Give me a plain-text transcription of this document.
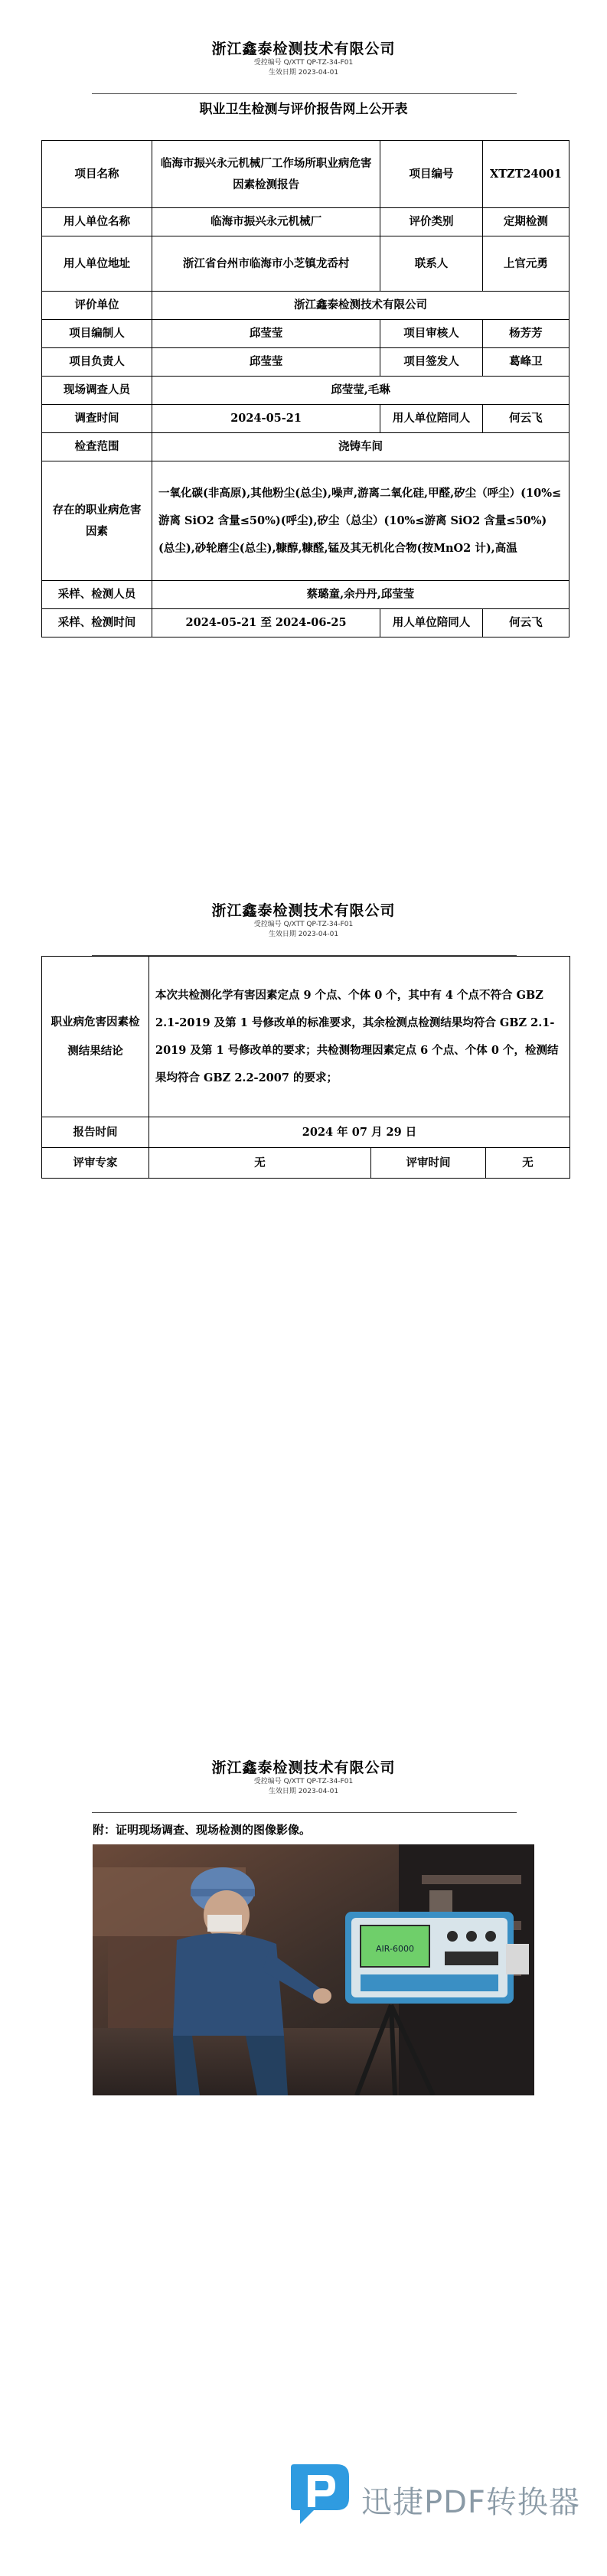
浙江鑫泰检测技术有限公司
受控编号 Q/XTT QP-TZ-34-F01
生效日期 2023-04-01
职业卫生检测与评价报告网上公开表
项目名称	临海市振兴永元机械厂工作场所职业病危害因素检测报告	项目编号	XTZT24001
用人单位名称	临海市振兴永元机械厂	评价类别	定期检测
用人单位地址	浙江省台州市临海市小芝镇龙岙村	联系人	上官元勇
评价单位	浙江鑫泰检测技术有限公司		
项目编制人	邱莹莹	项目审核人	杨芳芳
项目负责人	邱莹莹	项目签发人	葛峰卫
现场调查人员	邱莹莹,毛琳		
调查时间	2024-05-21	用人单位陪同人	何云飞
检查范围	浇铸车间		
存在的职业病危害因素	一氧化碳(非高原),其他粉尘(总尘),噪声,游离二氧化硅,甲醛,矽尘（呼尘）(10%≤游离 SiO2 含量≤50%)(呼尘),矽尘（总尘）(10%≤游离 SiO2 含量≤50%)(总尘),砂轮磨尘(总尘),糠醇,糠醛,锰及其无机化合物(按MnO2 计),高温		
采样、检测人员	蔡璐童,余丹丹,邱莹莹		
采样、检测时间	2024-05-21 至 2024-06-25	用人单位陪同人	何云飞
浙江鑫泰检测技术有限公司
受控编号 Q/XTT QP-TZ-34-F01
生效日期 2023-04-01
职业病危害因素检测结果结论	本次共检测化学有害因素定点 9 个点、个体 0 个，其中有 4 个点不符合 GBZ 2.1-2019 及第 1 号修改单的标准要求，其余检测点检测结果均符合 GBZ 2.1-2019 及第 1 号修改单的要求；共检测物理因素定点 6 个点、个体 0 个，检测结果均符合 GBZ 2.2-2007 的要求；		
报告时间	2024 年 07 月 29 日		
评审专家	无	评审时间	无
浙江鑫泰检测技术有限公司
受控编号 Q/XTT QP-TZ-34-F01
生效日期 2023-04-01
附：证明现场调查、现场检测的图像影像。
AIR-6000
迅捷PDF转换器
